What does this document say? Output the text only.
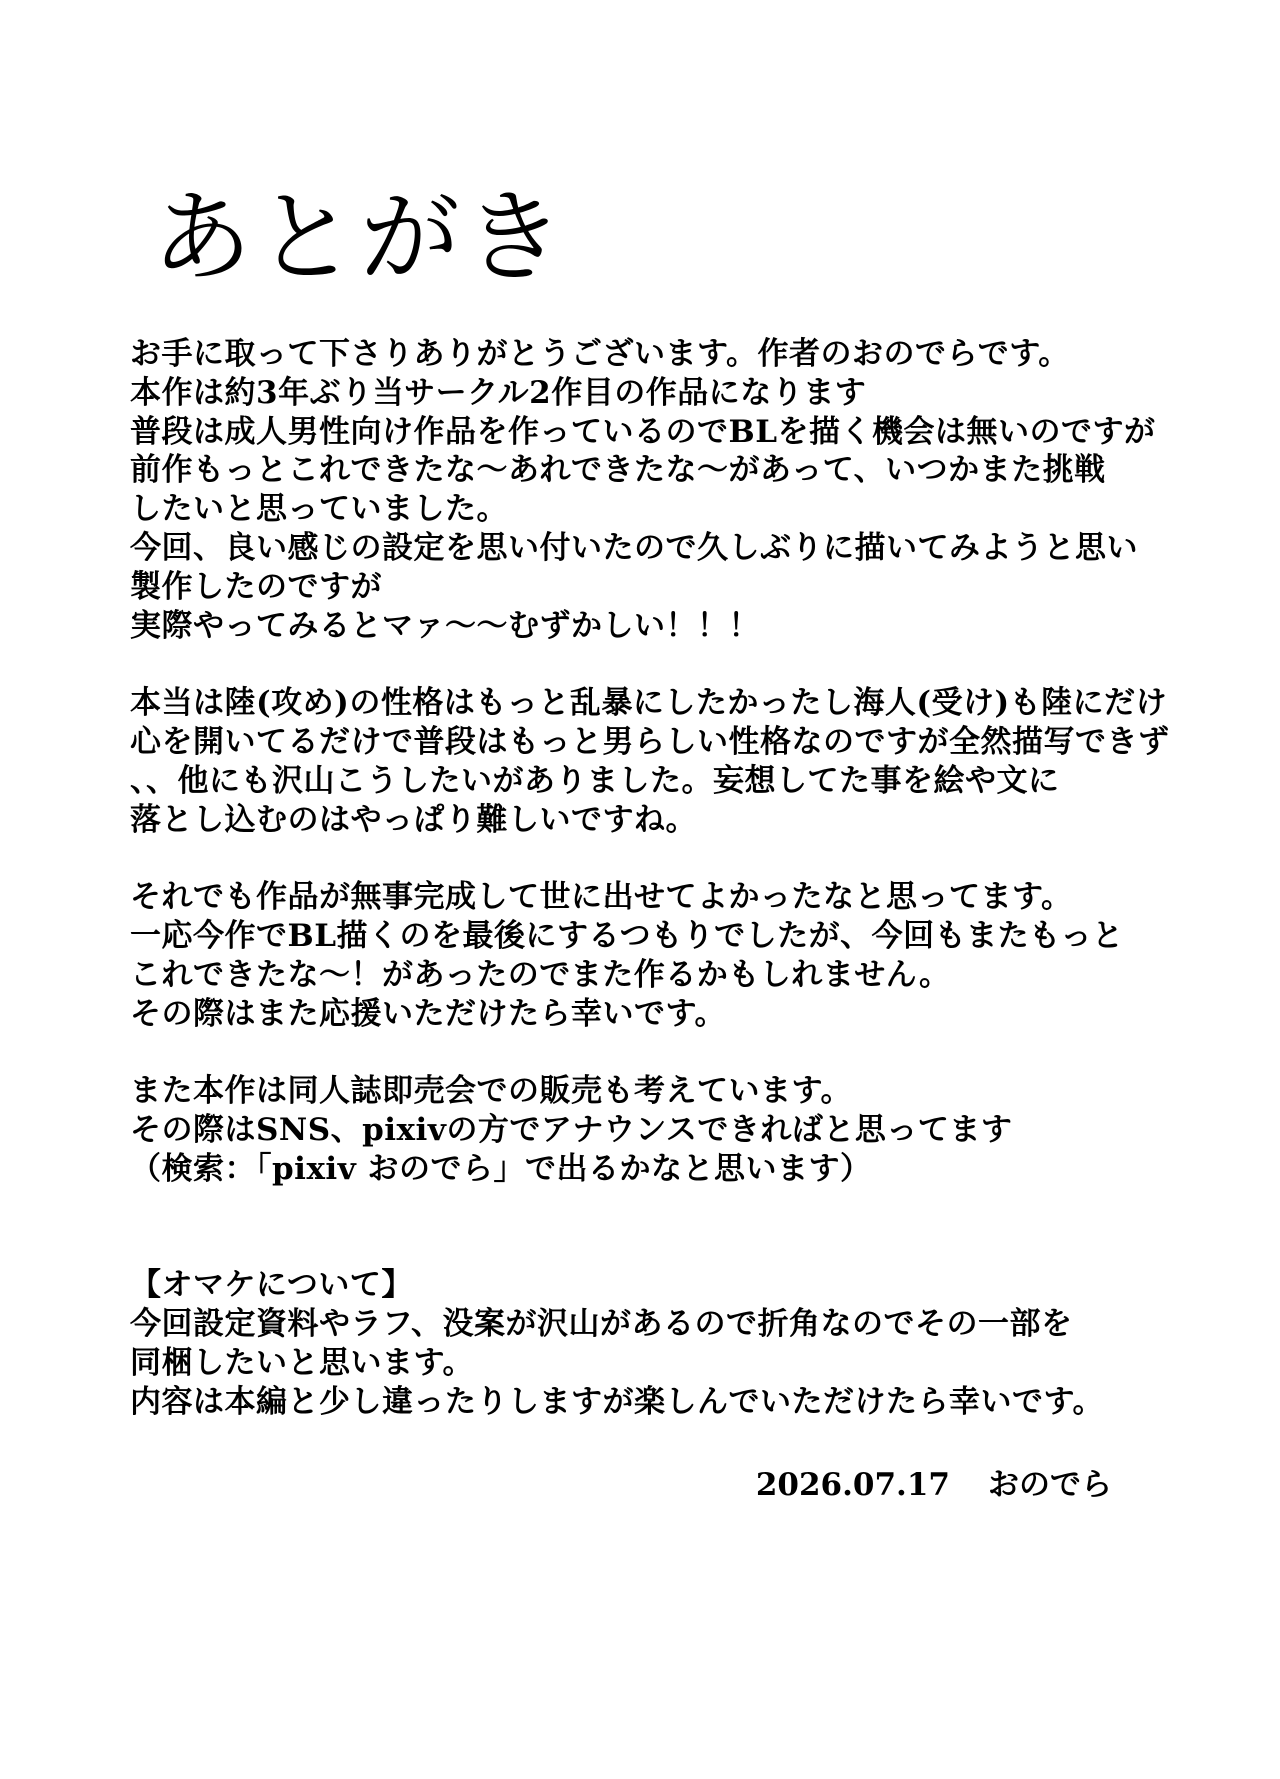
あとがき
お手に取って下さりありがとうございます。作者のおのでらです。
本作は約3年ぶり当サークル2作目の作品になります
普段は成人男性向け作品を作っているのでBLを描く機会は無いのですが
前作もっとこれできたな〜あれできたな〜があって、いつかまた挑戦
したいと思っていました。
今回、良い感じの設定を思い付いたので久しぶりに描いてみようと思い
製作したのですが
実際やってみるとマァ〜〜むずかしい！！！
本当は陸(攻め)の性格はもっと乱暴にしたかったし海人(受け)も陸にだけ
心を開いてるだけで普段はもっと男らしい性格なのですが全然描写できず
、、他にも沢山こうしたいがありました。妄想してた事を絵や文に
落とし込むのはやっぱり難しいですね。
それでも作品が無事完成して世に出せてよかったなと思ってます。
一応今作でBL描くのを最後にするつもりでしたが、今回もまたもっと
これできたな〜！があったのでまた作るかもしれません。
その際はまた応援いただけたら幸いです。
また本作は同人誌即売会での販売も考えています。
その際はSNS、pixivの方でアナウンスできればと思ってます
（検索：「pixiv おのでら」で出るかなと思います）
【オマケについて】
今回設定資料やラフ、没案が沢山があるので折角なのでその一部を
同梱したいと思います。
内容は本編と少し違ったりしますが楽しんでいただけたら幸いです。
2026.07.17 おのでら
